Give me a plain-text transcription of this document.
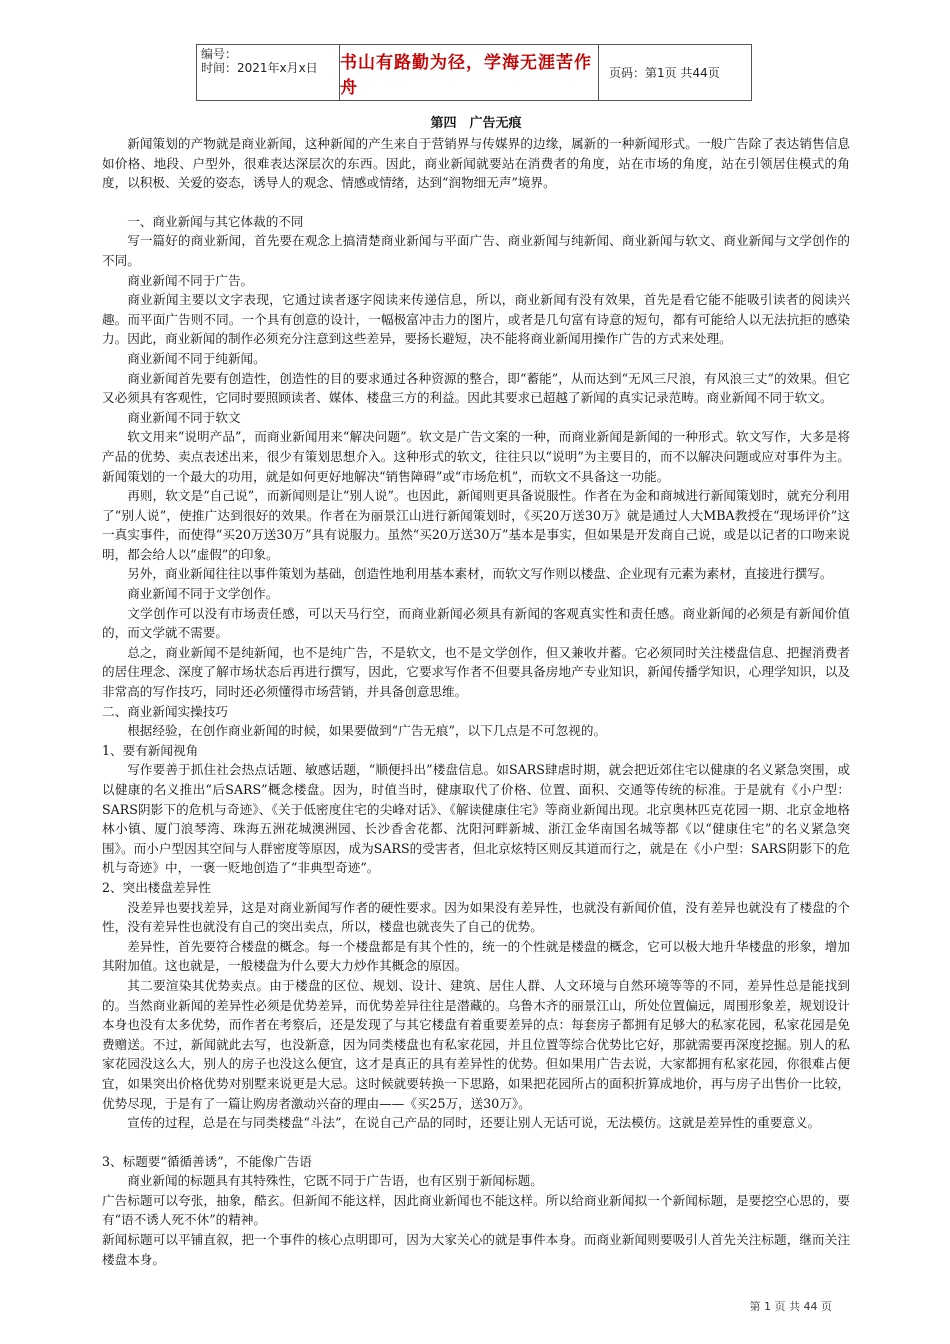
编号：
时间：2021年x月x日	书山有路勤为径，学海无涯苦作舟
页码：第1页 共44页
第四　广告无痕

新闻策划的产物就是商业新闻，这种新闻的产生来自于营销界与传媒界的边缘，属新的一种新闻形式。一般广告除了表达销售信息如价格、地段、户型外，很难表达深层次的东西。因此，商业新闻就要站在消费者的角度，站在市场的角度，站在引领居住模式的角度，以积极、关爱的姿态，诱导人的观念、情感或情绪，达到“润物细无声”境界。

一、商业新闻与其它体裁的不同

写一篇好的商业新闻，首先要在观念上搞清楚商业新闻与平面广告、商业新闻与纯新闻、商业新闻与软文、商业新闻与文学创作的不同。

商业新闻不同于广告。

商业新闻主要以文字表现，它通过读者逐字阅读来传递信息，所以，商业新闻有没有效果，首先是看它能不能吸引读者的阅读兴趣。而平面广告则不同。一个具有创意的设计，一幅极富冲击力的图片，或者是几句富有诗意的短句，都有可能给人以无法抗拒的感染力。因此，商业新闻的制作必须充分注意到这些差异，要扬长避短，决不能将商业新闻用操作广告的方式来处理。

商业新闻不同于纯新闻。

商业新闻首先要有创造性，创造性的目的要求通过各种资源的整合，即“蓄能”，从而达到“无风三尺浪，有风浪三丈”的效果。但它又必须具有客观性，它同时要照顾读者、媒体、楼盘三方的利益。因此其要求已超越了新闻的真实记录范畴。商业新闻不同于软文。

商业新闻不同于软文

软文用来“说明产品”，而商业新闻用来“解决问题”。软文是广告文案的一种，而商业新闻是新闻的一种形式。软文写作，大多是将产品的优势、卖点表述出来，很少有策划思想介入。这种形式的软文，往往只以“说明”为主要目的，而不以解决问题或应对事件为主。新闻策划的一个最大的功用，就是如何更好地解决“销售障碍”或“市场危机”，而软文不具备这一功能。

再则，软文是“自己说”，而新闻则是让“别人说”。也因此，新闻则更具备说服性。作者在为金和商城进行新闻策划时，就充分利用了“别人说”，使推广达到很好的效果。作者在为丽景江山进行新闻策划时，《买20万送30万》就是通过人大MBA教授在“现场评价”这一真实事件，而使得“买20万送30万”具有说服力。虽然“买20万送30万”基本是事实，但如果是开发商自己说，或是以记者的口吻来说明，都会给人以“虚假”的印象。

另外，商业新闻往往以事件策划为基础，创造性地利用基本素材，而软文写作则以楼盘、企业现有元素为素材，直接进行撰写。

商业新闻不同于文学创作。

文学创作可以没有市场责任感，可以天马行空，而商业新闻必须具有新闻的客观真实性和责任感。商业新闻的必须是有新闻价值的，而文学就不需要。

总之，商业新闻不是纯新闻，也不是纯广告，不是软文，也不是文学创作，但又兼收并蓄。它必须同时关注楼盘信息、把握消费者的居住理念、深度了解市场状态后再进行撰写，因此，它要求写作者不但要具备房地产专业知识，新闻传播学知识，心理学知识，以及非常高的写作技巧，同时还必须懂得市场营销，并具备创意思维。

二、商业新闻实操技巧

根据经验，在创作商业新闻的时候，如果要做到“广告无痕”，以下几点是不可忽视的。

1、要有新闻视角

写作要善于抓住社会热点话题、敏感话题，“顺便抖出”楼盘信息。如SARS肆虐时期，就会把近郊住宅以健康的名义紧急突围，或以健康的名义推出“后SARS”概念楼盘。因为，时值当时，健康取代了价格、位置、面积、交通等传统的标准。于是就有《小户型：SARS阴影下的危机与奇迹》、《关于低密度住宅的尖峰对话》、《解读健康住宅》等商业新闻出现。北京奥林匹克花园一期、北京金地格林小镇、厦门浪琴湾、珠海五洲花城澳洲园、长沙香舍花都、沈阳河畔新城、浙江金华南国名城等都《以“健康住宅”的名义紧急突围》。而小户型因其空间与人群密度等原因，成为SARS的受害者，但北京炫特区则反其道而行之，就是在《小户型：SARS阴影下的危机与奇迹》中，一褒一贬地创造了“非典型奇迹”。

2、突出楼盘差异性

没差异也要找差异，这是对商业新闻写作者的硬性要求。因为如果没有差异性，也就没有新闻价值，没有差异也就没有了楼盘的个性，没有差异性也就没有自己的突出卖点，所以，楼盘也就丧失了自己的优势。

差异性，首先要符合楼盘的概念。每一个楼盘都是有其个性的，统一的个性就是楼盘的概念，它可以极大地升华楼盘的形象，增加其附加值。这也就是，一般楼盘为什么要大力炒作其概念的原因。

其二要渲染其优势卖点。由于楼盘的区位、规划、设计、建筑、居住人群、人文环境与自然环境等等的不同，差异性总是能找到的。当然商业新闻的差异性必须是优势差异，而优势差异往往是潜藏的。乌鲁木齐的丽景江山，所处位置偏远，周围形象差，规划设计本身也没有太多优势，而作者在考察后，还是发现了与其它楼盘有着重要差异的点：每套房子都拥有足够大的私家花园，私家花园是免费赠送。不过，新闻就此去写，也没新意，因为同类楼盘也有私家花园，并且位置等综合优势比它好，那就需要再深度挖掘。别人的私家花园没这么大，别人的房子也没这么便宜，这才是真正的具有差异性的优势。但如果用广告去说，大家都拥有私家花园，你很难占便宜，如果突出价格优势对别墅来说更是大忌。这时候就要转换一下思路，如果把花园所占的面积折算成地价，再与房子出售价一比较，优势尽现，于是有了一篇让购房者激动兴奋的理由——《买25万，送30万》。

宣传的过程，总是在与同类楼盘“斗法”，在说自己产品的同时，还要让别人无话可说，无法模仿。这就是差异性的重要意义。

3、标题要“循循善诱”，不能像广告语

商业新闻的标题具有其特殊性，它既不同于广告语，也有区别于新闻标题。

广告标题可以夸张，抽象，酷玄。但新闻不能这样，因此商业新闻也不能这样。所以给商业新闻拟一个新闻标题，是要挖空心思的，要有“语不诱人死不休”的精神。

新闻标题可以平铺直叙，把一个事件的核心点明即可，因为大家关心的就是事件本身。而商业新闻则要吸引人首先关注标题，继而关注楼盘本身。

第 1 页 共 44 页
